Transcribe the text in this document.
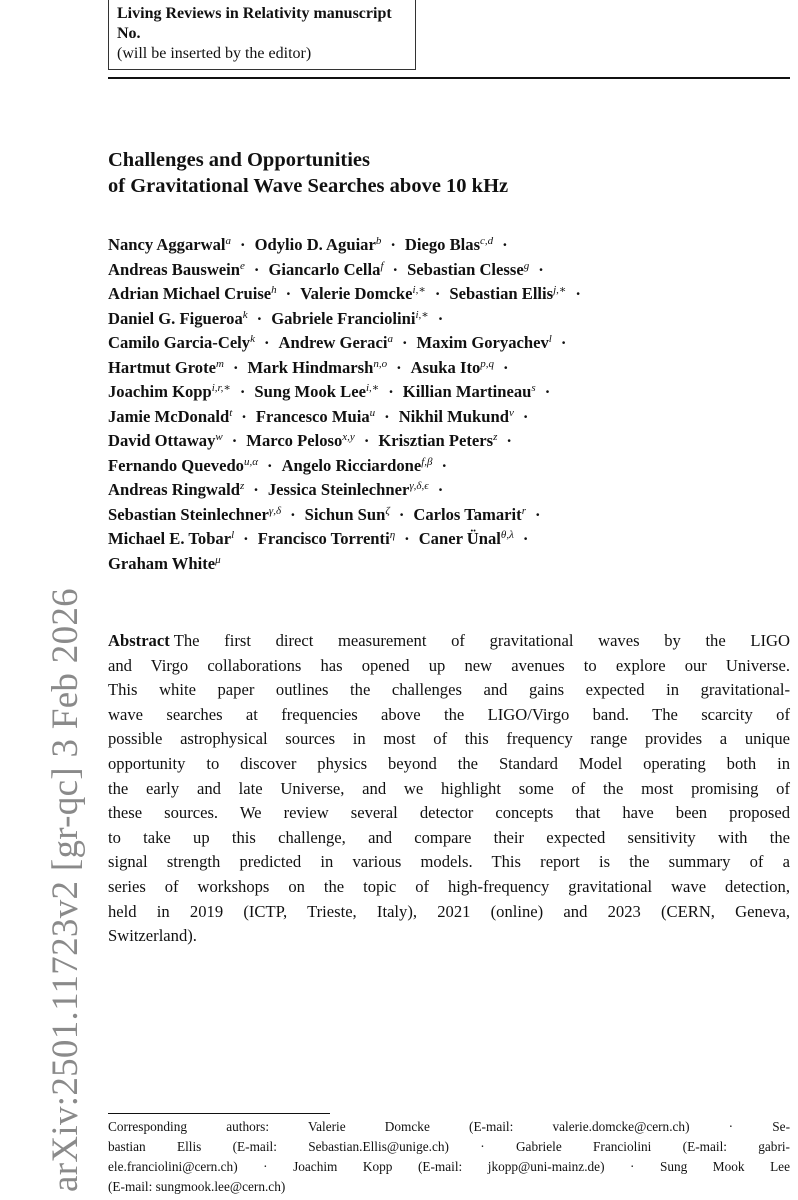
arXiv:2501.11723v2 [gr-qc] 3 Feb 2026
Living Reviews in Relativity manuscript No.
(will be inserted by the editor)
Challenges and Opportunities
of Gravitational Wave Searches above 10 kHz
Nancy Aggarwal$^a$ · Odylio D. Aguiar$^b$ · Diego Blas$^{c,d}$ ·
Andreas Bauswein$^e$ · Giancarlo Cella$^f$ · Sebastian Clesse$^g$ ·
Adrian Michael Cruise$^h$ · Valerie Domcke$^{i,∗}$ · Sebastian Ellis$^{j,∗}$ ·
Daniel G. Figueroa$^k$ · Gabriele Franciolini$^{i,∗}$ ·
Camilo Garcia-Cely$^k$ · Andrew Geraci$^a$ · Maxim Goryachev$^l$ ·
Hartmut Grote$^m$ · Mark Hindmarsh$^{n,o}$ · Asuka Ito$^{p,q}$ ·
Joachim Kopp$^{i,r,∗}$ · Sung Mook Lee$^{i,∗}$ · Killian Martineau$^s$ ·
Jamie McDonald$^t$ · Francesco Muia$^u$ · Nikhil Mukund$^v$ ·
David Ottaway$^w$ · Marco Peloso$^{x,y}$ · Krisztian Peters$^z$ ·
Fernando Quevedo$^{u,\alpha}$ · Angelo Ricciardone$^{f,\beta}$ ·
Andreas Ringwald$^z$ · Jessica Steinlechner$^{\gamma,\delta,\epsilon}$ ·
Sebastian Steinlechner$^{\gamma,\delta}$ · Sichun Sun$^\zeta$ · Carlos Tamarit$^r$ ·
Michael E. Tobar$^l$ · Francisco Torrenti$^\eta$ · Caner Ünal$^{\theta,\lambda}$ ·
Graham White$^\mu$
Abstract The first direct measurement of gravitational waves by the LIGO
and Virgo collaborations has opened up new avenues to explore our Universe.
This white paper outlines the challenges and gains expected in gravitational-
wave searches at frequencies above the LIGO/Virgo band. The scarcity of
possible astrophysical sources in most of this frequency range provides a unique
opportunity to discover physics beyond the Standard Model operating both in
the early and late Universe, and we highlight some of the most promising of
these sources. We review several detector concepts that have been proposed
to take up this challenge, and compare their expected sensitivity with the
signal strength predicted in various models. This report is the summary of a
series of workshops on the topic of high-frequency gravitational wave detection,
held in 2019 (ICTP, Trieste, Italy), 2021 (online) and 2023 (CERN, Geneva,
Switzerland).
Corresponding authors: Valerie Domcke (E-mail: valerie.domcke@cern.ch) · Se-
bastian Ellis (E-mail: Sebastian.Ellis@unige.ch) · Gabriele Franciolini (E-mail: gabri-
ele.franciolini@cern.ch) · Joachim Kopp (E-mail: jkopp@uni-mainz.de) · Sung Mook Lee
(E-mail: sungmook.lee@cern.ch)
